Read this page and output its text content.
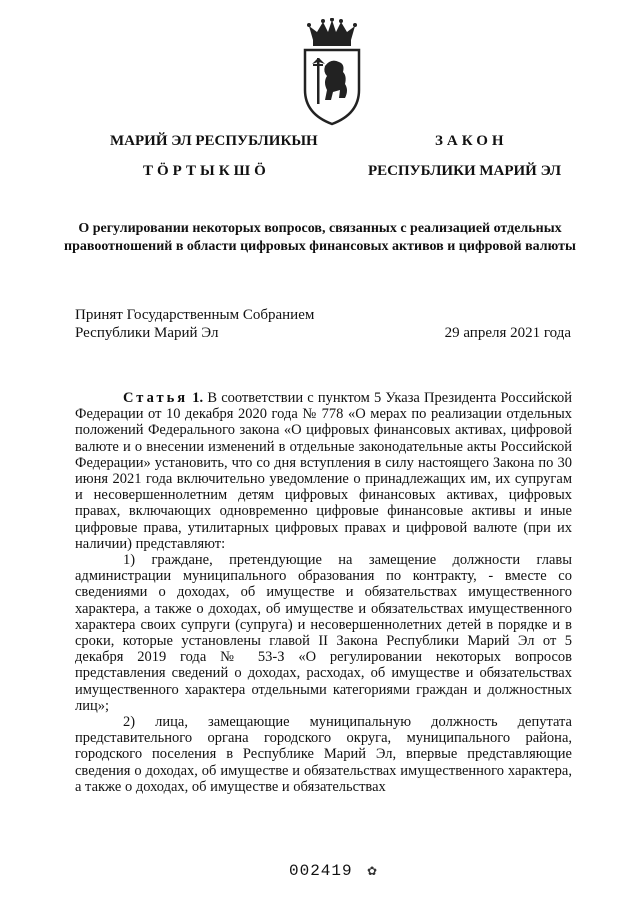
МАРИЙ ЭЛ РЕСПУБЛИКЫН
ТӦРТЫКШӦ
ЗАКОН
РЕСПУБЛИКИ МАРИЙ ЭЛ
О регулировании некоторых вопросов, связанных с реализацией отдельных правоотношений в области цифровых финансовых активов и цифровой валюты
Принят Государственным Собранием
Республики Марий Эл	29 апреля 2021 года

Статья 1. В соответствии с пунктом 5 Указа Президента Российской Федерации от 10 декабря 2020 года № 778 «О мерах по реализации отдельных положений Федерального закона «О цифровых финансовых активах, цифровой валюте и о внесении изменений в отдельные законодательные акты Российской Федерации» установить, что со дня вступления в силу настоящего Закона по 30 июня 2021 года включительно уведомление о принадлежащих им, их супругам и несовершеннолетним детям цифровых финансовых активах, цифровых правах, включающих одновременно цифровые финансовые активы и иные цифровые права, утилитарных цифровых правах и цифровой валюте (при их наличии) представляют:

1) граждане, претендующие на замещение должности главы администрации муниципального образования по контракту, - вместе со сведениями о доходах, об имуществе и обязательствах имущественного характера, а также о доходах, об имуществе и обязательствах имущественного характера своих супруги (супруга) и несовершеннолетних детей в порядке и в сроки, которые установлены главой II Закона Республики Марий Эл от 5 декабря 2019 года № 53-З «О регулировании некоторых вопросов представления сведений о доходах, расходах, об имуществе и обязательствах имущественного характера отдельными категориями граждан и должностных лиц»;

2) лица, замещающие муниципальную должность депутата представительного органа городского округа, муниципального района, городского поселения в Республике Марий Эл, впервые представляющие сведения о доходах, об имуществе и обязательствах имущественного характера, а также о доходах, об имуществе и обязательствах

002419 ✿
